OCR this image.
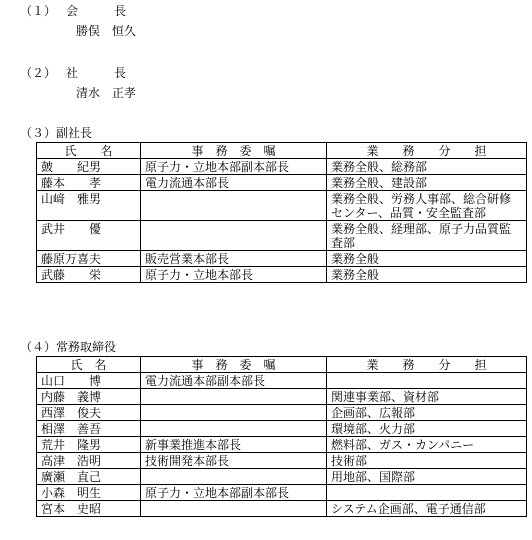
（１） 会　　　長
勝俣　恒久
（２） 社　　　長
清水　正孝
（３）副社長
氏　　名	事　務　委　嘱	業　　務　　分　　担
皷　　紀男	原子力・立地本部副本部長	業務全般、総務部
藤本　　孝	電力流通本部長	業務全般、建設部
山﨑　雅男		業務全般、労務人事部、総合研修センター、品質・安全監査部
武井　　優		業務全般、経理部、原子力品質監査部
藤原万喜夫	販売営業本部長	業務全般
武藤　　栄	原子力・立地本部長	業務全般
（４）常務取締役
氏　名	事　務　委　嘱	業　　務　　分　　担
山口　　博	電力流通本部副本部長	
内藤　義博		関連事業部、資材部
西澤　俊夫		企画部、広報部
相澤　善吾		環境部、火力部
荒井　隆男	新事業推進本部長	燃料部、ガス・カンパニー
高津　浩明	技術開発本部長	技術部
廣瀬　直己		用地部、国際部
小森　明生	原子力・立地本部副本部長	
宮本　史昭		システム企画部、電子通信部
